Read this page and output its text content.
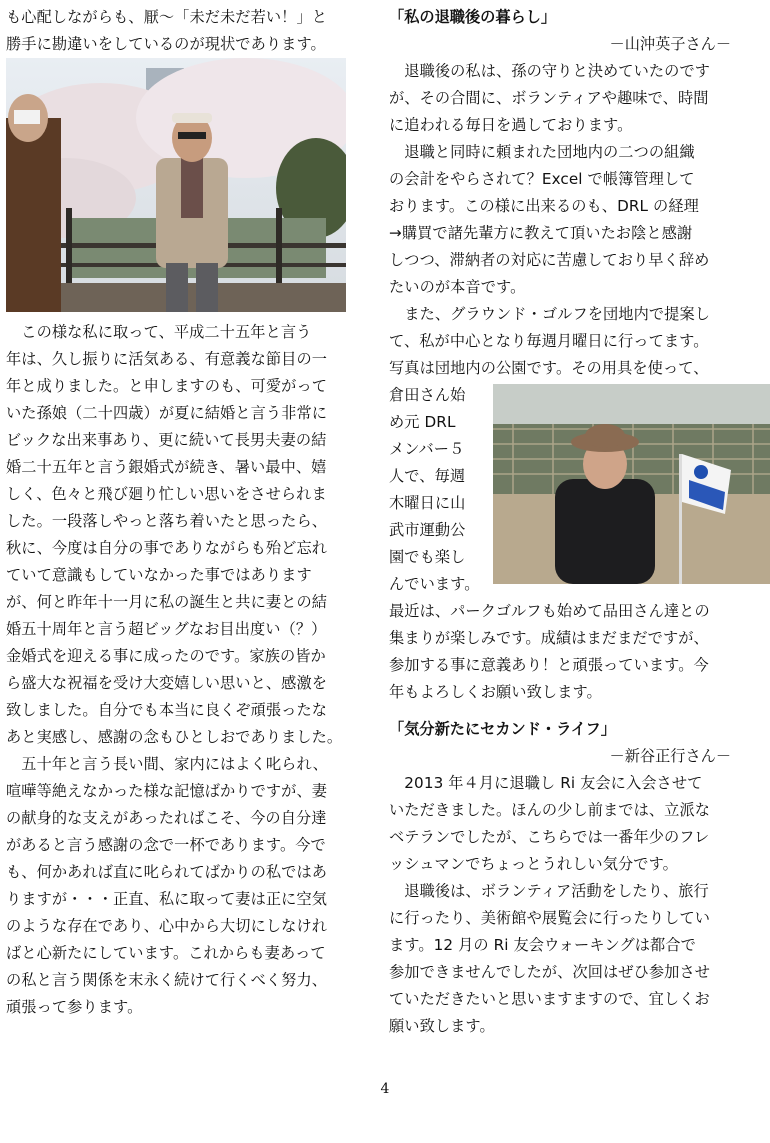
も心配しながらも、厭～「未だ未だ若い！」と

勝手に勘違いをしているのが現状であります。

　この様な私に取って、平成二十五年と言う

年は、久し振りに活気ある、有意義な節目の一

年と成りました。と申しますのも、可愛がって

いた孫娘（二十四歳）が夏に結婚と言う非常に

ビックな出来事あり、更に続いて長男夫妻の結

婚二十五年と言う銀婚式が続き、暑い最中、嬉

しく、色々と飛び廻り忙しい思いをさせられま

した。一段落しやっと落ち着いたと思ったら、

秋に、今度は自分の事でありながらも殆ど忘れ

ていて意識もしていなかった事ではあります

が、何と昨年十一月に私の誕生と共に妻との結

婚五十周年と言う超ビッグなお目出度い（？）

金婚式を迎える事に成ったのです。家族の皆か

ら盛大な祝福を受け大変嬉しい思いと、感激を

致しました。自分でも本当に良くぞ頑張ったな

あと実感し、感謝の念もひとしおでありました。

　五十年と言う長い間、家内にはよく叱られ、

喧嘩等絶えなかった様な記憶ばかりですが、妻

の献身的な支えがあったればこそ、今の自分達

があると言う感謝の念で一杯であります。今で

も、何かあれば直に叱られてばかりの私ではあ

りますが・・・正直、私に取って妻は正に空気

のような存在であり、心中から大切にしなけれ

ばと心新たにしています。これからも妻あって

の私と言う関係を末永く続けて行くべく努力、

頑張って参ります。

「私の退職後の暮らし」

－山沖英子さん－

　退職後の私は、孫の守りと決めていたのです

が、その合間に、ボランティアや趣味で、時間

に追われる毎日を過しております。

　退職と同時に頼まれた団地内の二つの組織

の会計をやらされて？Excel で帳簿管理して

おります。この様に出来るのも、DRL の経理

→購買で諸先輩方に教えて頂いたお陰と感謝

しつつ、滞納者の対応に苦慮しており早く辞め

たいのが本音です。

　また、グラウンド・ゴルフを団地内で提案し

て、私が中心となり毎週月曜日に行ってます。

写真は団地内の公園です。その用具を使って、

倉田さん始

め元 DRL

メンバー５

人で、毎週

木曜日に山

武市運動公

園でも楽し

んでいます。

最近は、パークゴルフも始めて品田さん達との

集まりが楽しみです。成績はまだまだですが、

参加する事に意義あり！と頑張っています。今

年もよろしくお願い致します。

「気分新たにセカンド・ライフ」

－新谷正行さん－

　2013 年４月に退職し Ri 友会に入会させて

いただきました。ほんの少し前までは、立派な

ベテランでしたが、こちらでは一番年少のフレ

ッシュマンでちょっとうれしい気分です。

　退職後は、ボランティア活動をしたり、旅行

に行ったり、美術館や展覧会に行ったりしてい

ます。12 月の Ri 友会ウォーキングは都合で

参加できませんでしたが、次回はぜひ参加させ

ていただきたいと思いますますので、宜しくお

願い致します。

4
